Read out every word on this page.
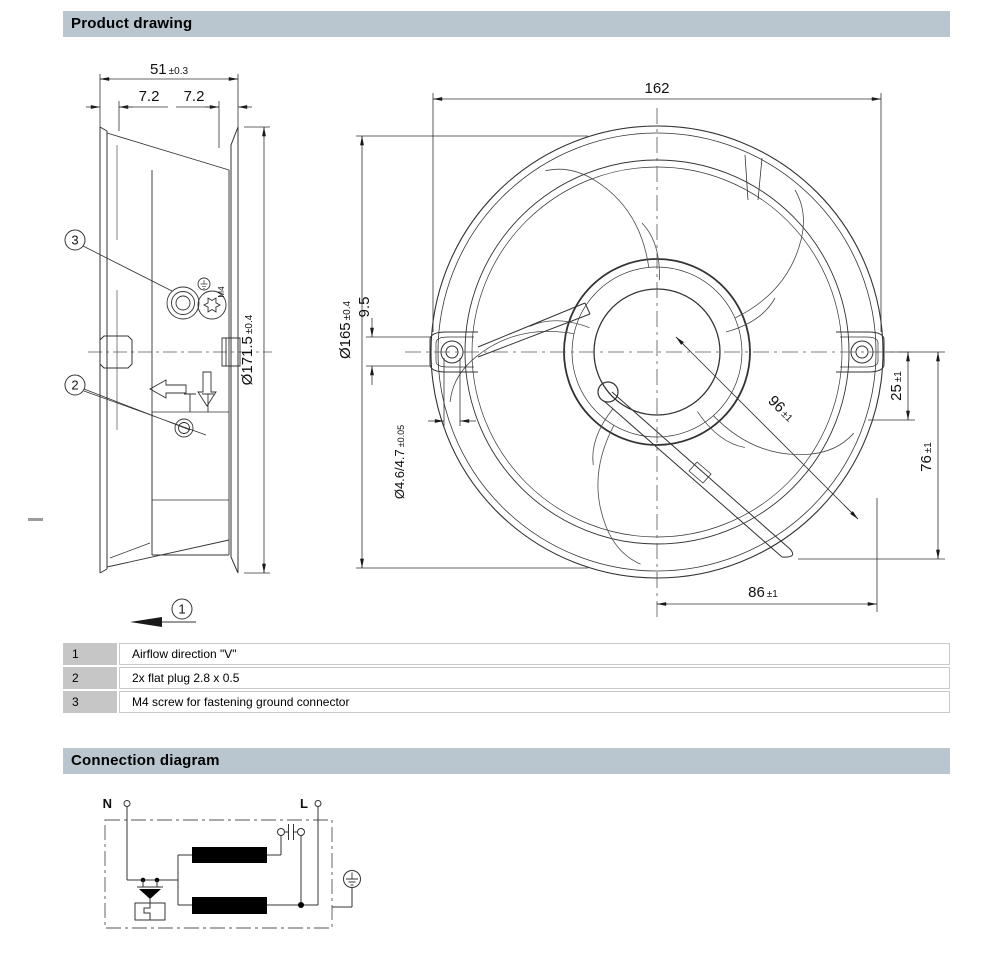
Product drawing
Connection diagram
1	Airflow direction "V"
2	2x flat plug 2.8 x 0.5
3	M4 screw for fastening ground connector
M4
3
2
1
51 ±0.3
7.2 7.2
Ø171.5±0.4
162
Ø165±0.4 9.5
Ø4.6/4.7±0.05
96±1
25±1
76±1
86 ±1
N	L
